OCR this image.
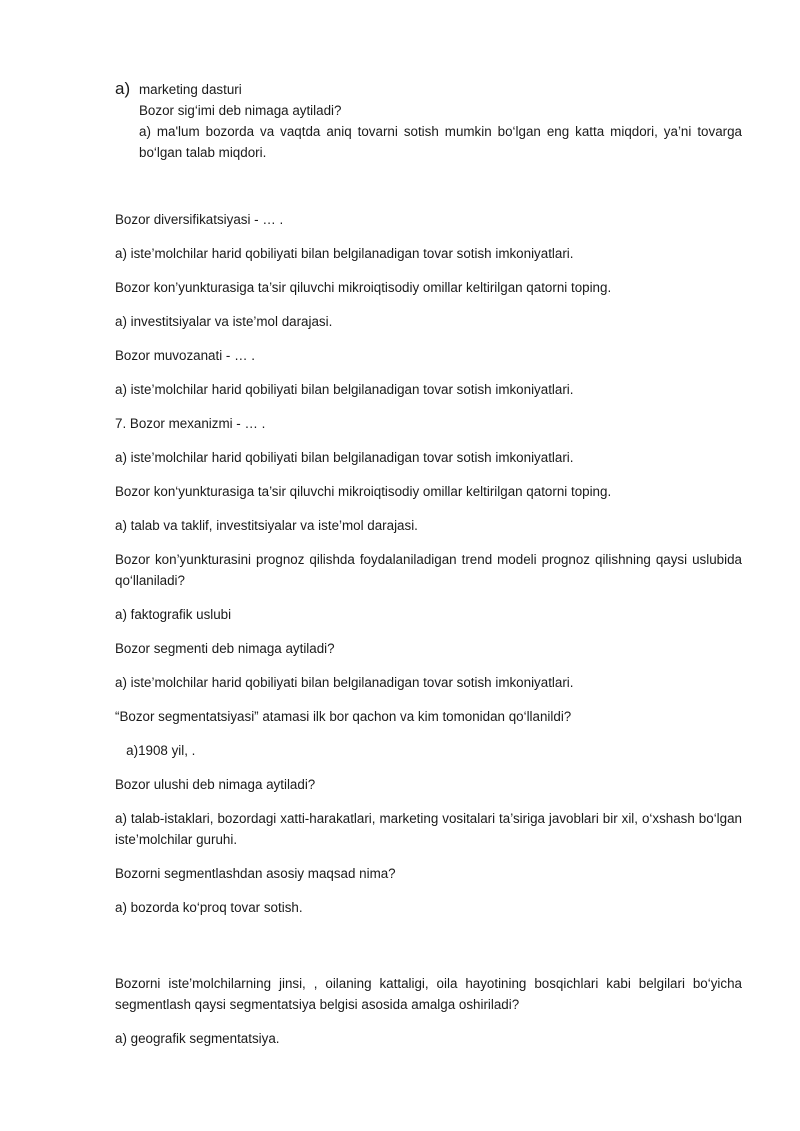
a) marketing dasturi

Bozor sig‘imi deb nimaga aytiladi?

a) ma'lum bozorda va vaqtda aniq tovarni sotish mumkin bo‘lgan eng katta miqdori, ya’ni tovarga bo‘lgan talab miqdori.

Bozor diversifikatsiyasi - … .

a) iste’molchilar harid qobiliyati bilan belgilanadigan tovar sotish imkoniyatlari.

Bozor kon’yunkturasiga ta’sir qiluvchi mikroiqtisodiy omillar keltirilgan qatorni toping.

a) investitsiyalar va iste’mol darajasi.

Bozor muvozanati - … .

a) iste’molchilar harid qobiliyati bilan belgilanadigan tovar sotish imkoniyatlari.

7. Bozor mexanizmi - … .

a) iste’molchilar harid qobiliyati bilan belgilanadigan tovar sotish imkoniyatlari.

Bozor kon‘yunkturasiga ta’sir qiluvchi mikroiqtisodiy omillar keltirilgan qatorni toping.

a) talab va taklif, investitsiyalar va iste’mol darajasi.

Bozor kon’yunkturasini prognoz qilishda foydalaniladigan trend modeli prognoz qilishning qaysi uslubida qo‘llaniladi?

a) faktografik uslubi

Bozor segmenti deb nimaga aytiladi?

a) iste’molchilar harid qobiliyati bilan belgilanadigan tovar sotish imkoniyatlari.

“Bozor segmentatsiyasi” atamasi ilk bor qachon va kim tomonidan qo‘llanildi?

a)1908 yil, .

Bozor ulushi deb nimaga aytiladi?

a) talab-istaklari, bozordagi xatti-harakatlari, marketing vositalari ta’siriga javoblari bir xil, o‘xshash bo‘lgan iste’molchilar guruhi.

Bozorni segmentlashdan asosiy maqsad nima?

a) bozorda ko‘proq tovar sotish.

Bozorni iste’molchilarning jinsi, , oilaning kattaligi, oila hayotining bosqichlari kabi belgilari bo‘yicha segmentlash qaysi segmentatsiya belgisi asosida amalga oshiriladi?

a) geografik segmentatsiya.
